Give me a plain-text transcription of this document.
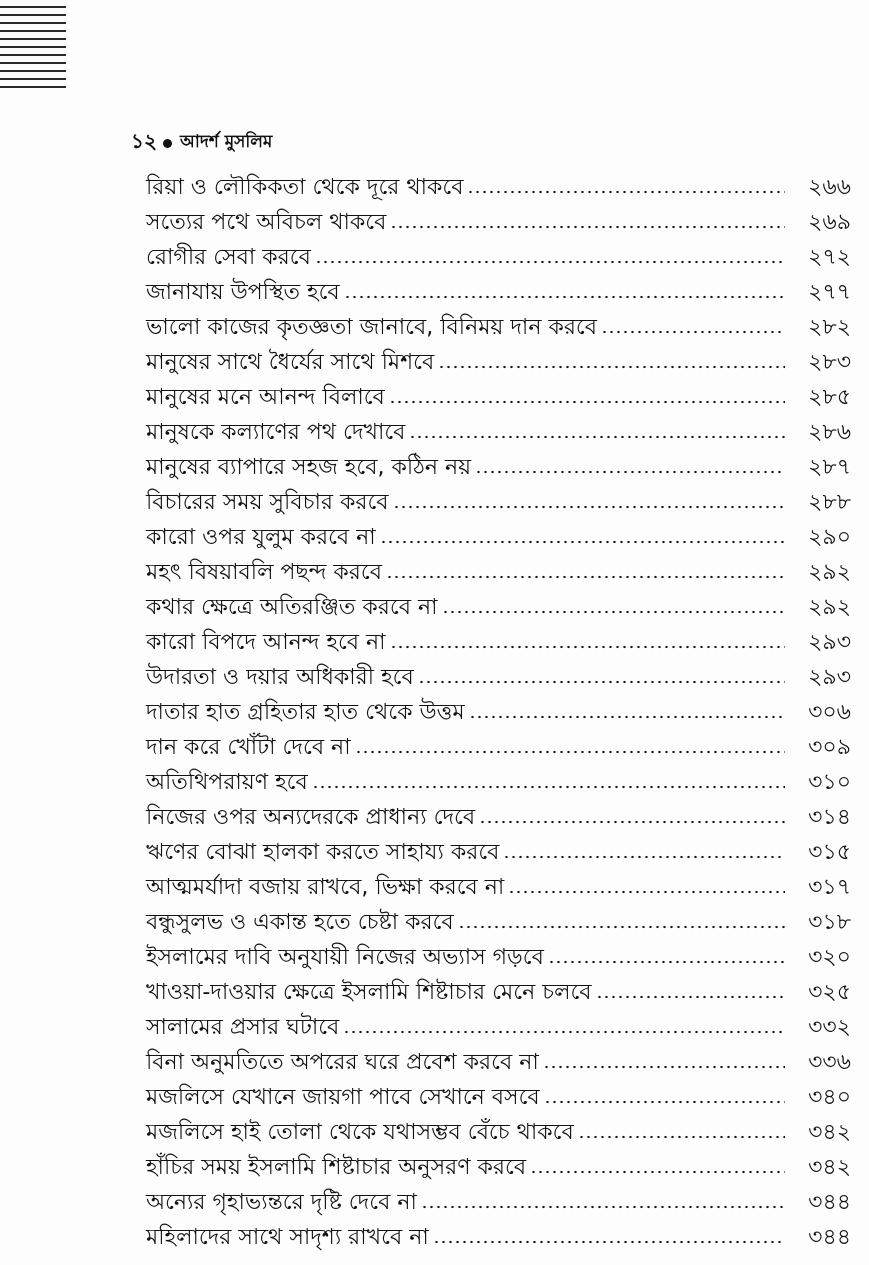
১২ আদর্শ মুসলিম
রিয়া ও লৌকিকতা থেকে দূরে থাকবে	২৬৬
সত্যের পথে অবিচল থাকবে	২৬৯
রোগীর সেবা করবে	২৭২
জানাযায় উপস্থিত হবে	২৭৭
ভালো কাজের কৃতজ্ঞতা জানাবে, বিনিময় দান করবে	২৮২
মানুষের সাথে ধৈর্যের সাথে মিশবে	২৮৩
মানুষের মনে আনন্দ বিলাবে	২৮৫
মানুষকে কল্যাণের পথ দেখাবে	২৮৬
মানুষের ব্যাপারে সহজ হবে, কঠিন নয়	২৮৭
বিচারের সময় সুবিচার করবে	২৮৮
কারো ওপর যুলুম করবে না	২৯০
মহৎ বিষয়াবলি পছন্দ করবে	২৯২
কথার ক্ষেত্রে অতিরঞ্জিত করবে না	২৯২
কারো বিপদে আনন্দ হবে না	২৯৩
উদারতা ও দয়ার অধিকারী হবে	২৯৩
দাতার হাত গ্রহিতার হাত থেকে উত্তম	৩০৬
দান করে খোঁটা দেবে না	৩০৯
অতিথিপরায়ণ হবে	৩১০
নিজের ওপর অন্যদেরকে প্রাধান্য দেবে	৩১৪
ঋণের বোঝা হালকা করতে সাহায্য করবে	৩১৫
আত্মমর্যাদা বজায় রাখবে, ভিক্ষা করবে না	৩১৭
বন্ধুসুলভ ও একান্ত হতে চেষ্টা করবে	৩১৮
ইসলামের দাবি অনুযায়ী নিজের অভ্যাস গড়বে	৩২০
খাওয়া-দাওয়ার ক্ষেত্রে ইসলামি শিষ্টাচার মেনে চলবে	৩২৫
সালামের প্রসার ঘটাবে	৩৩২
বিনা অনুমতিতে অপরের ঘরে প্রবেশ করবে না	৩৩৬
মজলিসে যেখানে জায়গা পাবে সেখানে বসবে	৩৪০
মজলিসে হাই তোলা থেকে যথাসম্ভব বেঁচে থাকবে	৩৪২
হাঁচির সময় ইসলামি শিষ্টাচার অনুসরণ করবে	৩৪২
অন্যের গৃহাভ্যন্তরে দৃষ্টি দেবে না	৩৪৪
মহিলাদের সাথে সাদৃশ্য রাখবে না	৩৪৪
